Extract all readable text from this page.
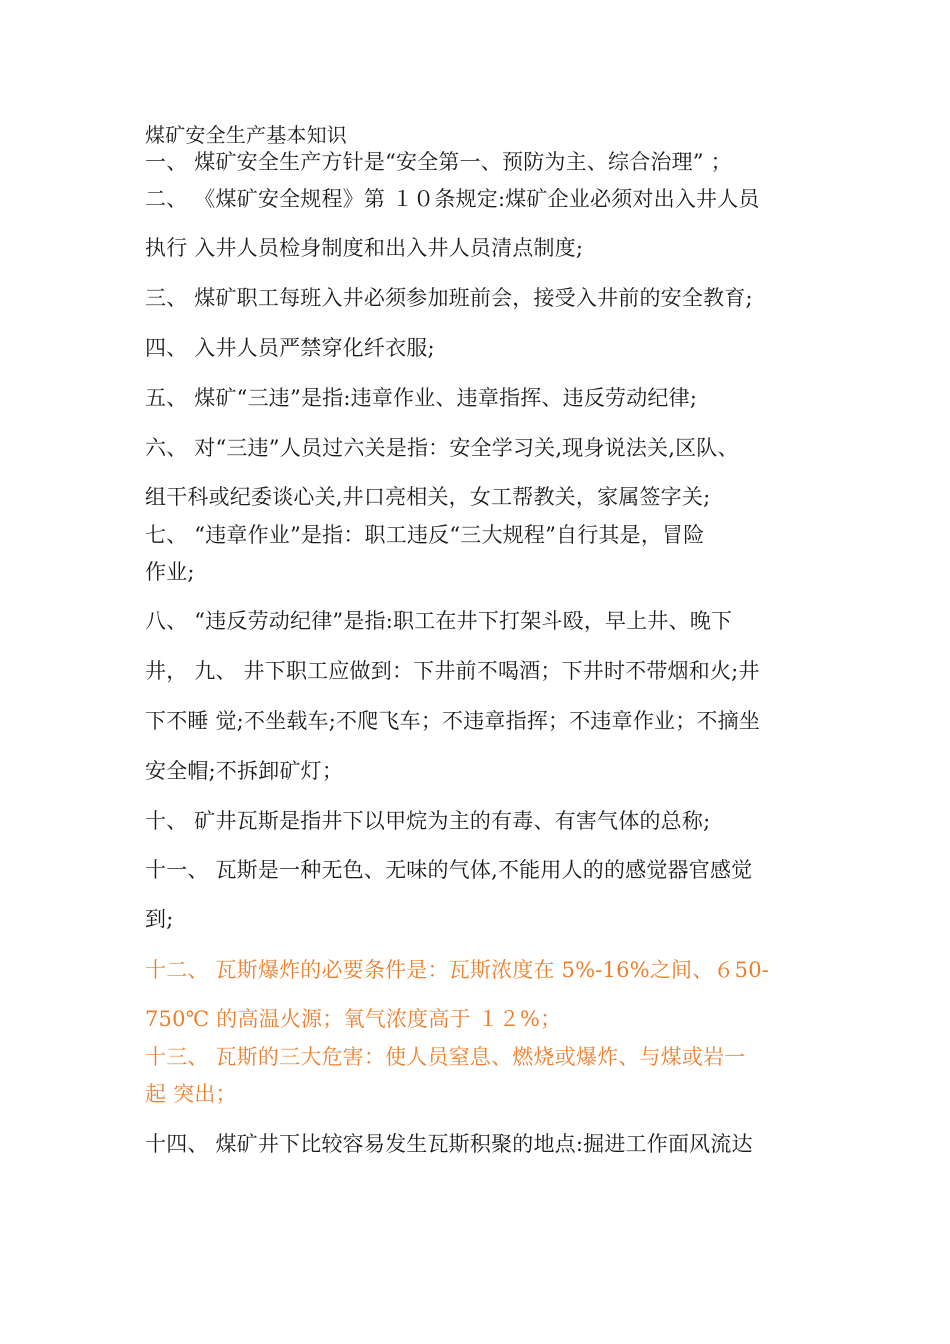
煤矿安全生产基本知识
一、 煤矿安全生产方针是“安全第一、预防为主、综合治理” ；
二、 《煤矿安全规程》第 １０条规定:煤矿企业必须对出入井人员
执行 入井人员检身制度和出入井人员清点制度;
三、 煤矿职工每班入井必须参加班前会，接受入井前的安全教育;
四、 入井人员严禁穿化纤衣服;
五、 煤矿“三违”是指:违章作业、违章指挥、违反劳动纪律;
六、 对“三违”人员过六关是指：安全学习关,现身说法关,区队、
组干科或纪委谈心关,井口亮相关，女工帮教关，家属签字关;
七、 “违章作业”是指：职工违反“三大规程”自行其是，冒险
作业;
八、 “违反劳动纪律”是指:职工在井下打架斗殴，早上井、晚下
井， 九、 井下职工应做到：下井前不喝酒；下井时不带烟和火;井
下不睡 觉;不坐载车;不爬飞车；不违章指挥；不违章作业；不摘坐
安全帽;不拆卸矿灯；
十、 矿井瓦斯是指井下以甲烷为主的有毒、有害气体的总称;
十一、 瓦斯是一种无色、无味的气体,不能用人的的感觉器官感觉
到;
十二、 瓦斯爆炸的必要条件是：瓦斯浓度在 5%-16%之间、６50-
750℃ 的高温火源；氧气浓度高于 １２%；
十三、 瓦斯的三大危害：使人员窒息、燃烧或爆炸、与煤或岩一
起 突出；
十四、 煤矿井下比较容易发生瓦斯积聚的地点:掘进工作面风流达
